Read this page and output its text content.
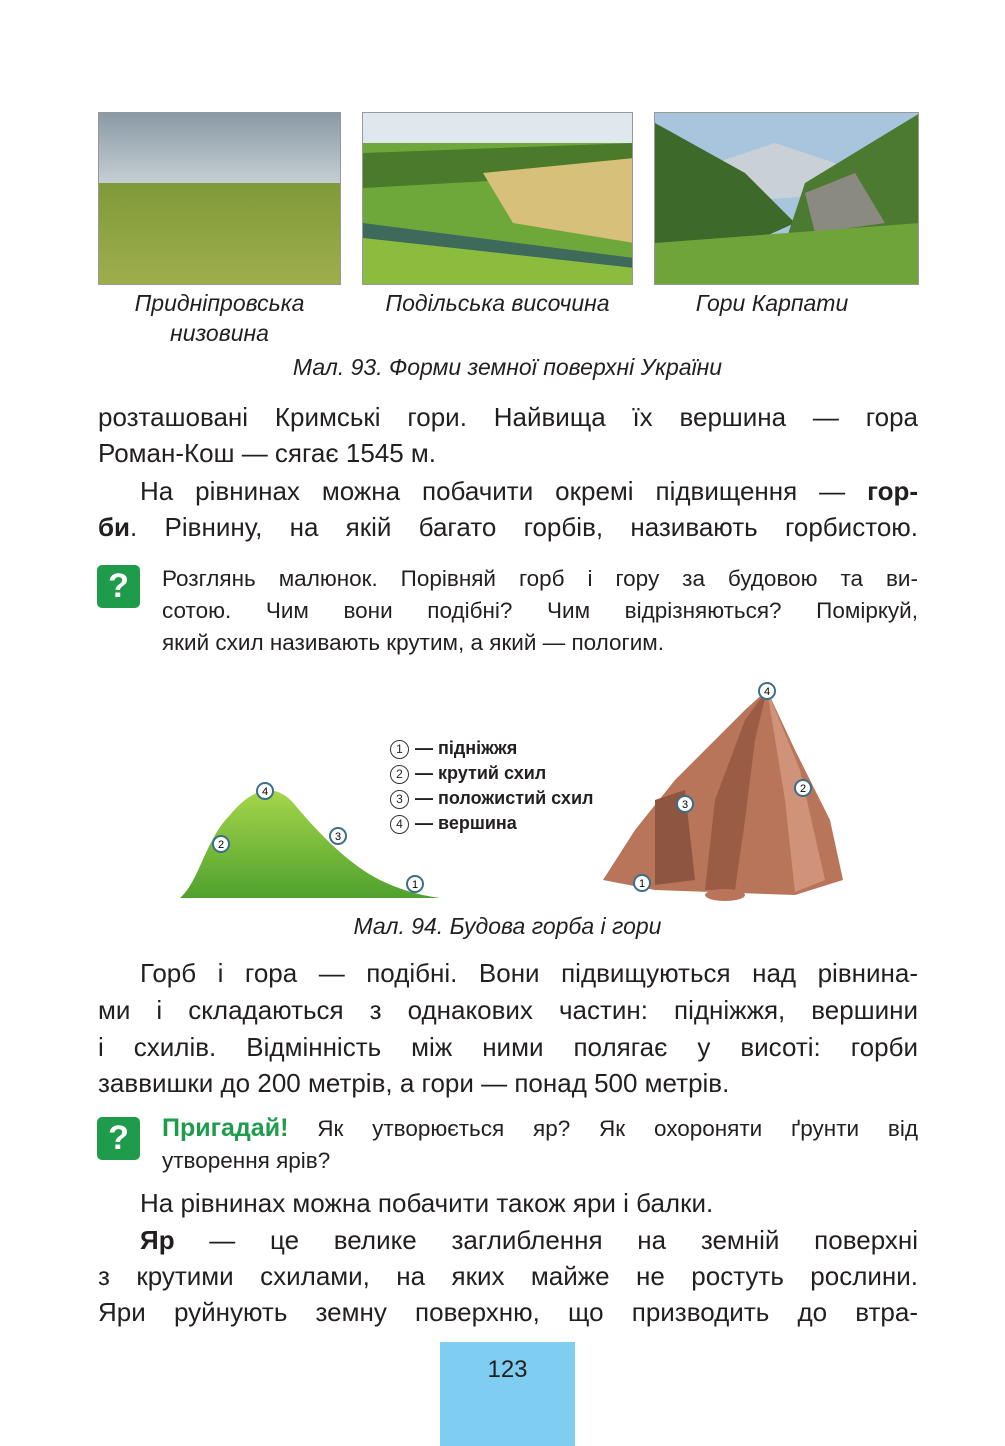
Придніпровська
низовина
Подільська височина	Гори Карпати
Мал. 93. Форми земної поверхні України
розташовані Кримські гори. Найвища їх вершина — гора
Роман-Кош — сягає 1545 м.
На рівнинах можна побачити окремі підвищення — гор-
би. Рівнину, на якій багато горбів, називають горбистою.
?	Розглянь малюнок. Порівняй горб і гору за будовою та ви-
сотою. Чим вони подібні? Чим відрізняються? Поміркуй,
який схил називають крутим, а який — пологим.
4
2
3
1
1 — підніжжя
2 — крутий схил
3 — положистий схил
4 — вершина
4
2
3
1
Мал. 94. Будова горба і гори
Горб і гора — подібні. Вони підвищуються над рівнина-
ми і складаються з однакових частин: підніжжя, вершини
і схилів. Відмінність між ними полягає у висоті: горби
заввишки до 200 метрів, а гори — понад 500 метрів.
?	Пригадай! Як утворюється яр? Як охороняти ґрунти від
утворення ярів?
На рівнинах можна побачити також яри і балки.
Яр — це велике заглиблення на земній поверхні
з крутими схилами, на яких майже не ростуть рослини.
Яри руйнують земну поверхню, що призводить до втра-
123
